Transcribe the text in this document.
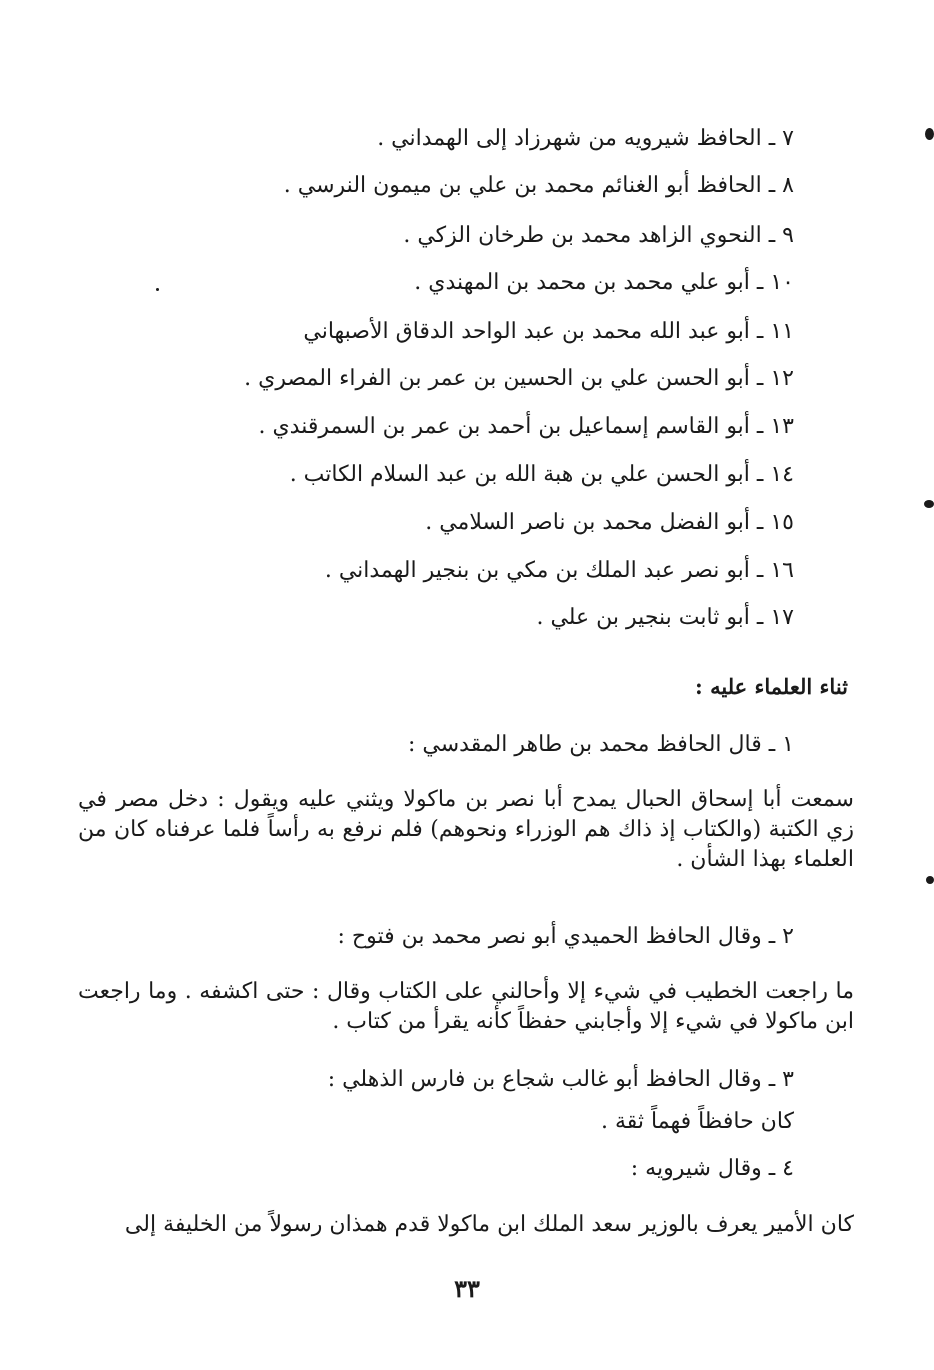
٧ ـ الحافظ شيرويه من شهرزاد إلى الهمداني .
٨ ـ الحافظ أبو الغنائم محمد بن علي بن ميمون النرسي .
٩ ـ النحوي الزاهد محمد بن طرخان الزكي .
١٠ ـ أبو علي محمد بن محمد بن المهندي .
١١ ـ أبو عبد الله محمد بن عبد الواحد الدقاق الأصبهاني
١٢ ـ أبو الحسن علي بن الحسين بن عمر بن الفراء المصري .
١٣ ـ أبو القاسم إسماعيل بن أحمد بن عمر بن السمرقندي .
١٤ ـ أبو الحسن علي بن هبة الله بن عبد السلام الكاتب .
١٥ ـ أبو الفضل محمد بن ناصر السلامي .
١٦ ـ أبو نصر عبد الملك بن مكي بن بنجير الهمداني .
١٧ ـ أبو ثابت بنجير بن علي .
ثناء العلماء عليه :
١ ـ قال الحافظ محمد بن طاهر المقدسي :
سمعت أبا إسحاق الحبال يمدح أبا نصر بن ماكولا ويثني عليه ويقول : دخل مصر في زي الكتبة (والكتاب إذ ذاك هم الوزراء ونحوهم) فلم نرفع به رأساً فلما عرفناه كان من العلماء بهذا الشأن .
٢ ـ وقال الحافظ الحميدي أبو نصر محمد بن فتوح :
ما راجعت الخطيب في شيء إلا وأحالني على الكتاب وقال : حتى اكشفه . وما راجعت ابن ماكولا في شيء إلا وأجابني حفظاً كأنه يقرأ من كتاب .
٣ ـ وقال الحافظ أبو غالب شجاع بن فارس الذهلي :
كان حافظاً فهماً ثقة .
٤ ـ وقال شيرويه :
كان الأمير يعرف بالوزير سعد الملك ابن ماكولا قدم همذان رسولاً من الخليفة إلى
٣٣
